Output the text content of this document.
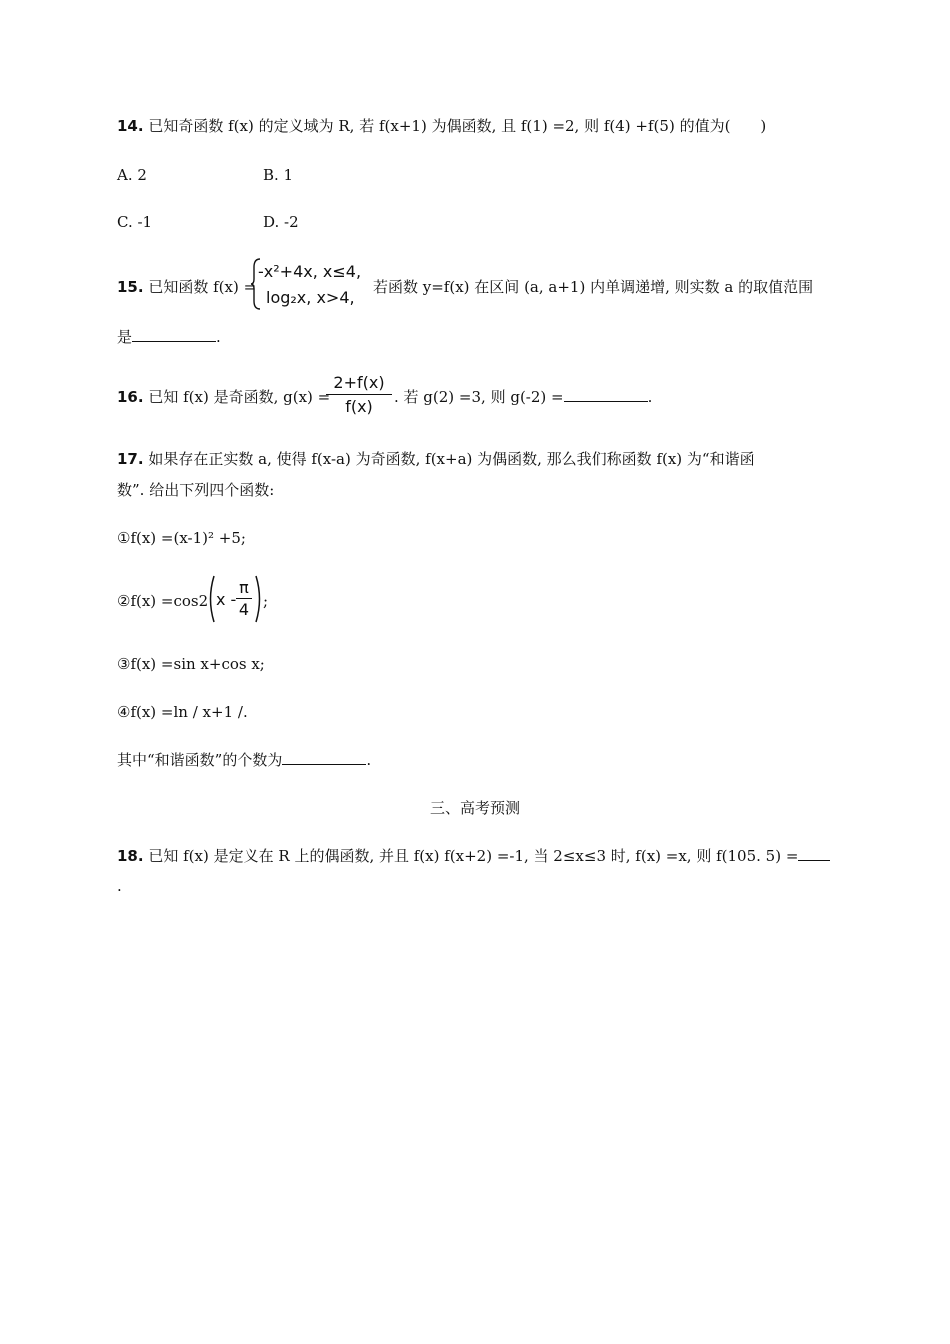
14. 已知奇函数 f(x) 的定义域为 R, 若 f(x+1) 为偶函数, 且 f(1) =2, 则 f(4) +f(5) 的值为(　　)
A. 2	B. 1
C. -1	D. -2
15. 已知函数 f(x) =
-x²+4x, x≤4,
log₂x, x>4,
若函数 y=f(x) 在区间 (a, a+1) 内单调递增, 则实数 a 的取值范围
是	.
16. 已知 f(x) 是奇函数, g(x) =
$\frac{2+f(x)}{f(x)}$ . 若 g(2) =3, 则 g(-2) =	.
17. 如果存在正实数 a, 使得 f(x-a) 为奇函数, f(x+a) 为偶函数, 那么我们称函数 f(x) 为“和谐函
数”. 给出下列四个函数:
①f(x) =(x-1)² +5;
②f(x) =cos2 x - $\frac{\pi}{4}$ ;
③f(x) =sin x+cos x;
④f(x) =ln / x+1 /.
其中“和谐函数”的个数为	.
三、高考预测
18. 已知 f(x) 是定义在 R 上的偶函数, 并且 f(x) f(x+2) =-1, 当 2≤x≤3 时, f(x) =x, 则 f(105. 5) =
.
